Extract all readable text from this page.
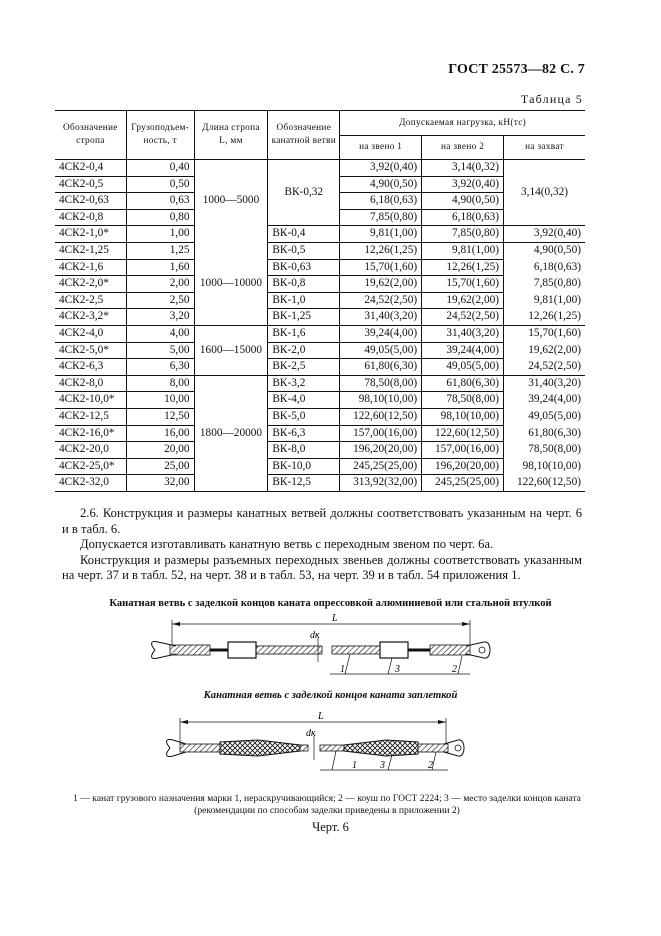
ГОСТ 25573—82 С. 7
Таблица 5
Обозначение стропа	Грузоподъем-ность, т	Длина стропа L, мм	Обозначение канатной ветви	Допускаемая нагрузка, кН(тс)		
				на звено 1	на звено 2	на захват
4СК2-0,4	0,40	1000—5000	ВК-0,32	3,92(0,40)	3,14(0,32)	3,14(0,32)
4СК2-0,5	0,50			4,90(0,50)	3,92(0,40)	
4СК2-0,63	0,63			6,18(0,63)	4,90(0,50)	
4СК2-0,8	0,80			7,85(0,80)	6,18(0,63)	
4СК2-1,0*	1,00		ВК-0,4	9,81(1,00)	7,85(0,80)	3,92(0,40)
4СК2-1,25	1,25	1000—10000	ВК-0,5	12,26(1,25)	9,81(1,00)	4,90(0,50)
4СК2-1,6	1,60		ВК-0,63	15,70(1,60)	12,26(1,25)	6,18(0,63)
4СК2-2,0*	2,00		ВК-0,8	19,62(2,00)	15,70(1,60)	7,85(0,80)
4СК2-2,5	2,50		ВК-1,0	24,52(2,50)	19,62(2,00)	9,81(1,00)
4СК2-3,2*	3,20		ВК-1,25	31,40(3,20)	24,52(2,50)	12,26(1,25)
4СК2-4,0	4,00	1600—15000	ВК-1,6	39,24(4,00)	31,40(3,20)	15,70(1,60)
4СК2-5,0*	5,00		ВК-2,0	49,05(5,00)	39,24(4,00)	19,62(2,00)
4СК2-6,3	6,30		ВК-2,5	61,80(6,30)	49,05(5,00)	24,52(2,50)
4СК2-8,0	8,00	1800—20000	ВК-3,2	78,50(8,00)	61,80(6,30)	31,40(3,20)
4СК2-10,0*	10,00		ВК-4,0	98,10(10,00)	78,50(8,00)	39,24(4,00)
4СК2-12,5	12,50		ВК-5,0	122,60(12,50)	98,10(10,00)	49,05(5,00)
4СК2-16,0*	16,00		ВК-6,3	157,00(16,00)	122,60(12,50)	61,80(6,30)
4СК2-20,0	20,00		ВК-8,0	196,20(20,00)	157,00(16,00)	78,50(8,00)
4СК2-25,0*	25,00		ВК-10,0	245,25(25,00)	196,20(20,00)	98,10(10,00)
4СК2-32,0	32,00		ВК-12,5	313,92(32,00)	245,25(25,00)	122,60(12,50)

2.6. Конструкция и размеры канатных ветвей должны соответствовать указанным на черт. 6 и в табл. 6.

Допускается изготавливать канатную ветвь с переходным звеном по черт. 6а.

Конструкция и размеры разъемных переходных звеньев должны соответствовать указанным на черт. 37 и в табл. 52, на черт. 38 и в табл. 53, на черт. 39 и в табл. 54 приложения 1.

Канатная ветвь с заделкой концов каната опрессовкой алюминиевой или стальной втулкой
L
dк
1	3	2
Канатная ветвь с заделкой концов каната заплеткой
L
dк
1 3	2
1 — канат грузового назначения марки 1, нераскручивающийся; 2 — коуш по ГОСТ 2224; 3 — место заделки концов каната (рекомендации по способам заделки приведены в приложении 2)
Черт. 6
